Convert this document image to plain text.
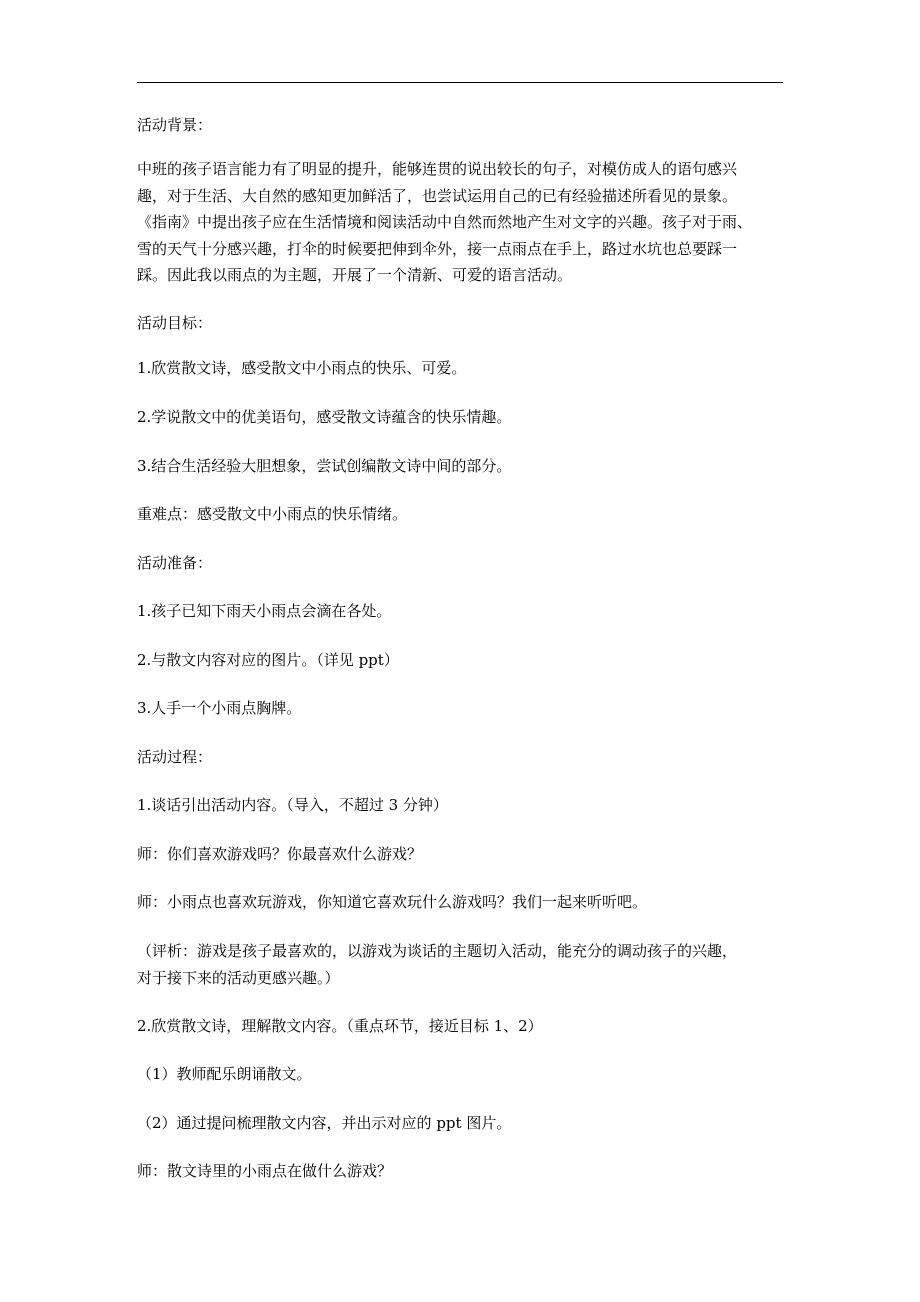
活动背景：
中班的孩子语言能力有了明显的提升，能够连贯的说出较长的句子，对模仿成人的语句感兴
趣，对于生活、大自然的感知更加鲜活了，也尝试运用自己的已有经验描述所看见的景象。
《指南》中提出孩子应在生活情境和阅读活动中自然而然地产生对文字的兴趣。孩子对于雨、
雪的天气十分感兴趣，打伞的时候要把伸到伞外，接一点雨点在手上，路过水坑也总要踩一
踩。因此我以雨点的为主题，开展了一个清新、可爱的语言活动。
活动目标：
1.欣赏散文诗，感受散文中小雨点的快乐、可爱。
2.学说散文中的优美语句，感受散文诗蕴含的快乐情趣。
3.结合生活经验大胆想象，尝试创编散文诗中间的部分。
重难点：感受散文中小雨点的快乐情绪。
活动准备：
1.孩子已知下雨天小雨点会滴在各处。
2.与散文内容对应的图片。（详见 ppt）
3.人手一个小雨点胸牌。
活动过程：
1.谈话引出活动内容。（导入，不超过 3 分钟）
师：你们喜欢游戏吗？你最喜欢什么游戏？
师：小雨点也喜欢玩游戏，你知道它喜欢玩什么游戏吗？我们一起来听听吧。
（评析：游戏是孩子最喜欢的，以游戏为谈话的主题切入活动，能充分的调动孩子的兴趣，
对于接下来的活动更感兴趣。）
2.欣赏散文诗，理解散文内容。（重点环节，接近目标 1、2）
（1）教师配乐朗诵散文。
（2）通过提问梳理散文内容，并出示对应的 ppt 图片。
师：散文诗里的小雨点在做什么游戏？
